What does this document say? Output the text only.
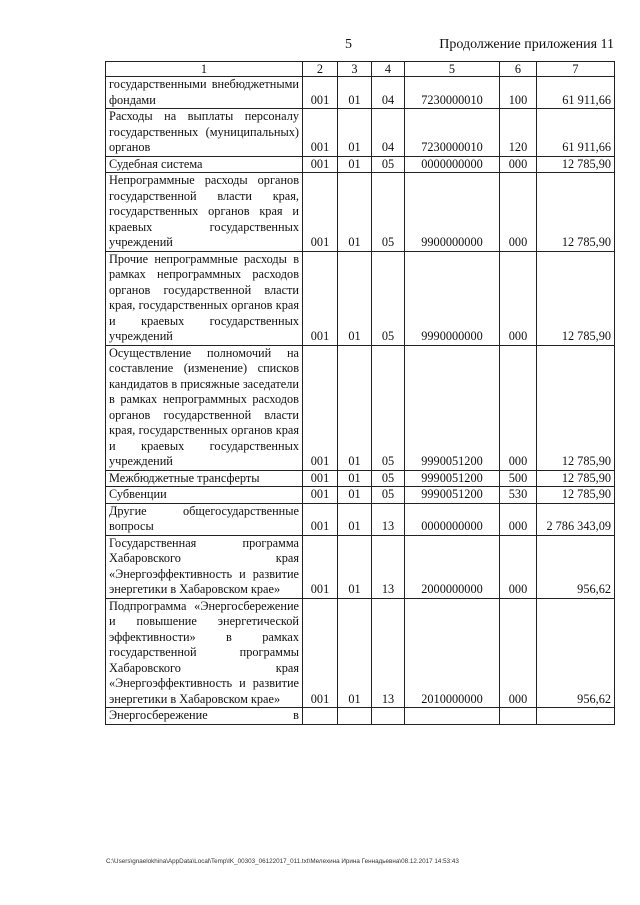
5	Продолжение приложения 11
1	2	3	4	5	6	7
государственными внебюджетными фондами	001	01	04	7230000010	100	61 911,66
Расходы на выплаты персоналу государственных (муниципальных) органов	001	01	04	7230000010	120	61 911,66
Судебная система	001	01	05	0000000000	000	12 785,90
Непрограммные расходы органов государственной власти края, государственных органов края и краевых государственных учреждений	001	01	05	9900000000	000	12 785,90
Прочие непрограммные расходы в рамках непрограммных расходов органов государственной власти края, государственных органов края и краевых государственных учреждений	001	01	05	9990000000	000	12 785,90
Осуществление полномочий на составление (изменение) списков кандидатов в присяжные заседатели в рамках непрограммных расходов органов государственной власти края, государственных органов края и краевых государственных учреждений	001	01	05	9990051200	000	12 785,90
Межбюджетные трансферты	001	01	05	9990051200	500	12 785,90
Субвенции	001	01	05	9990051200	530	12 785,90
Другие общегосударственные вопросы	001	01	13	0000000000	000	2 786 343,09
Государственная программа Хабаровского края «Энергоэффективность и развитие энергетики в Хабаровском крае»	001	01	13	2000000000	000	956,62
Подпрограмма «Энергосбережение и повышение энергетической эффективности» в рамках государственной программы Хабаровского края «Энергоэффективность и развитие энергетики в Хабаровском крае»	001	01	13	2010000000	000	956,62
Энергосбережение в						
C:\Users\gnaelokhina\AppData\Local\Temp\IK_00303_06122017_011.txt\Мелехина Ирина Геннадьевна\08.12.2017 14:53:43
